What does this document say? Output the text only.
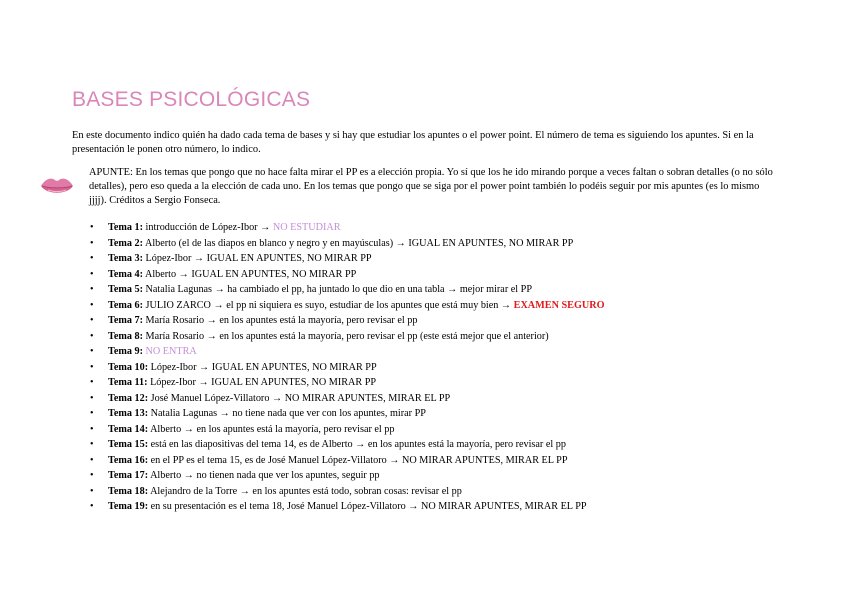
BASES PSICOLÓGICAS

En este documento indico quién ha dado cada tema de bases y si hay que estudiar los apuntes o el power point. El número de tema es siguiendo los apuntes. Si en la presentación le ponen otro número, lo indico.

APUNTE: En los temas que pongo que no hace falta mirar el PP es a elección propia. Yo sí que los he ido mirando porque a veces faltan o sobran detalles (o no sólo detalles), pero eso queda a la elección de cada uno. En los temas que pongo que se siga por el power point también lo podéis seguir por mis apuntes (es lo mismo jjjj). Créditos a Sergio Fonseca.

• Tema 1: introducción de López-Ibor → NO ESTUDIAR
• Tema 2: Alberto (el de las diapos en blanco y negro y en mayúsculas) → IGUAL EN APUNTES, NO MIRAR PP
• Tema 3: López-Ibor → IGUAL EN APUNTES, NO MIRAR PP
• Tema 4: Alberto → IGUAL EN APUNTES, NO MIRAR PP
• Tema 5: Natalia Lagunas → ha cambiado el pp, ha juntado lo que dio en una tabla → mejor mirar el PP
• Tema 6: JULIO ZARCO → el pp ni siquiera es suyo, estudiar de los apuntes que está muy bien → EXAMEN SEGURO
• Tema 7: María Rosario → en los apuntes está la mayoría, pero revisar el pp
• Tema 8: María Rosario → en los apuntes está la mayoría, pero revisar el pp (este está mejor que el anterior)
• Tema 9: NO ENTRA
• Tema 10: López-Ibor → IGUAL EN APUNTES, NO MIRAR PP
• Tema 11: López-Ibor → IGUAL EN APUNTES, NO MIRAR PP
• Tema 12: José Manuel López-Villatoro → NO MIRAR APUNTES, MIRAR EL PP
• Tema 13: Natalia Lagunas → no tiene nada que ver con los apuntes, mirar PP
• Tema 14: Alberto → en los apuntes está la mayoría, pero revisar el pp
• Tema 15: está en las diapositivas del tema 14, es de Alberto → en los apuntes está la mayoría, pero revisar el pp
• Tema 16: en el PP es el tema 15, es de José Manuel López-Villatoro → NO MIRAR APUNTES, MIRAR EL PP
• Tema 17: Alberto → no tienen nada que ver los apuntes, seguir pp
• Tema 18: Alejandro de la Torre → en los apuntes está todo, sobran cosas: revisar el pp
• Tema 19: en su presentación es el tema 18, José Manuel López-Villatoro → NO MIRAR APUNTES, MIRAR EL PP
